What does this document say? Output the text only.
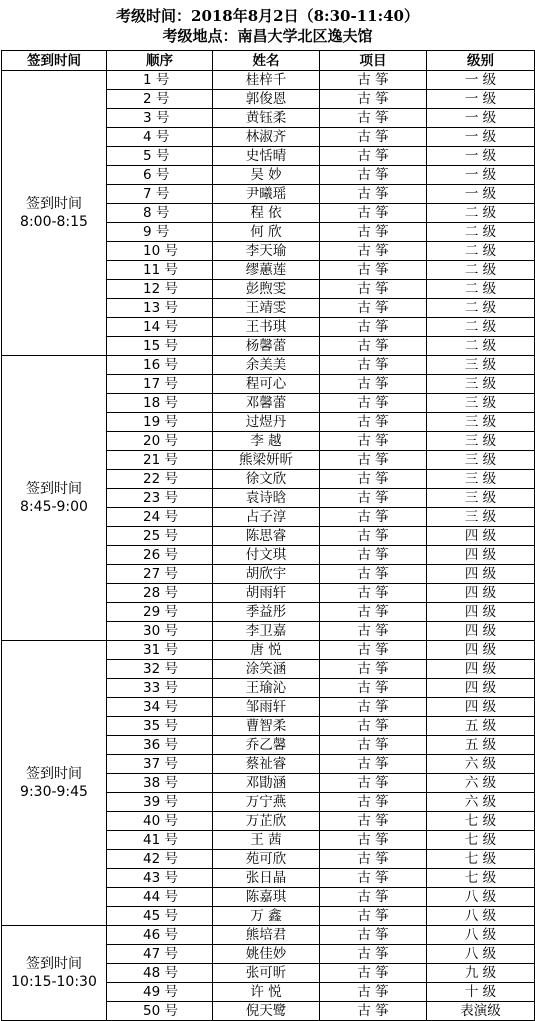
考级时间：2018年8月2日（8:30-11:40）
考级地点：南昌大学北区逸夫馆
签到时间	顺序	姓名	项目	级别

签到时间
8:00-8:15	1 号	桂梓千	古 筝	一 级
	2 号	郭俊恩	古 筝	一 级
	3 号	黄钰柔	古 筝	一 级
	4 号	林淑齐	古 筝	一 级
	5 号	史恬晴	古 筝	一 级
	6 号	吴 妙	古 筝	一 级
	7 号	尹曦瑶	古 筝	一 级
	8 号	程 依	古 筝	二 级
	9 号	何 欣	古 筝	二 级
	10 号	李天瑜	古 筝	二 级
	11 号	缪蕙莲	古 筝	二 级
	12 号	彭煦雯	古 筝	二 级
	13 号	王靖雯	古 筝	二 级
	14 号	王书琪	古 筝	二 级
	15 号	杨馨蕾	古 筝	二 级

签到时间
8:45-9:00	16 号	余美美	古 筝	三 级
	17 号	程可心	古 筝	三 级
	18 号	邓馨蕾	古 筝	三 级
	19 号	过煜丹	古 筝	三 级
	20 号	李 越	古 筝	三 级
	21 号	熊梁妍昕	古 筝	三 级
	22 号	徐文欣	古 筝	三 级
	23 号	袁诗晗	古 筝	三 级
	24 号	占子淳	古 筝	三 级
	25 号	陈思睿	古 筝	四 级
	26 号	付文琪	古 筝	四 级
	27 号	胡欣宇	古 筝	四 级
	28 号	胡雨轩	古 筝	四 级
	29 号	季益彤	古 筝	四 级
	30 号	李卫嘉	古 筝	四 级

签到时间
9:30-9:45	31 号	唐 悦	古 筝	四 级
	32 号	涂笑涵	古 筝	四 级
	33 号	王瑜沁	古 筝	四 级
	34 号	邹雨轩	古 筝	四 级
	35 号	曹智柔	古 筝	五 级
	36 号	乔乙馨	古 筝	五 级
	37 号	蔡祉睿	古 筝	六 级
	38 号	邓勖涵	古 筝	六 级
	39 号	万宁燕	古 筝	六 级
	40 号	万芷欣	古 筝	七 级
	41 号	王 茜	古 筝	七 级
	42 号	苑可欣	古 筝	七 级
	43 号	张日晶	古 筝	七 级
	44 号	陈嘉琪	古 筝	八 级
	45 号	万 鑫	古 筝	八 级

签到时间
10:15-10:30	46 号	熊培君	古 筝	八 级
	47 号	姚佳妙	古 筝	八 级
	48 号	张可昕	古 筝	九 级
	49 号	许 悦	古 筝	十 级
	50 号	倪天鹭	古 筝	表演级
